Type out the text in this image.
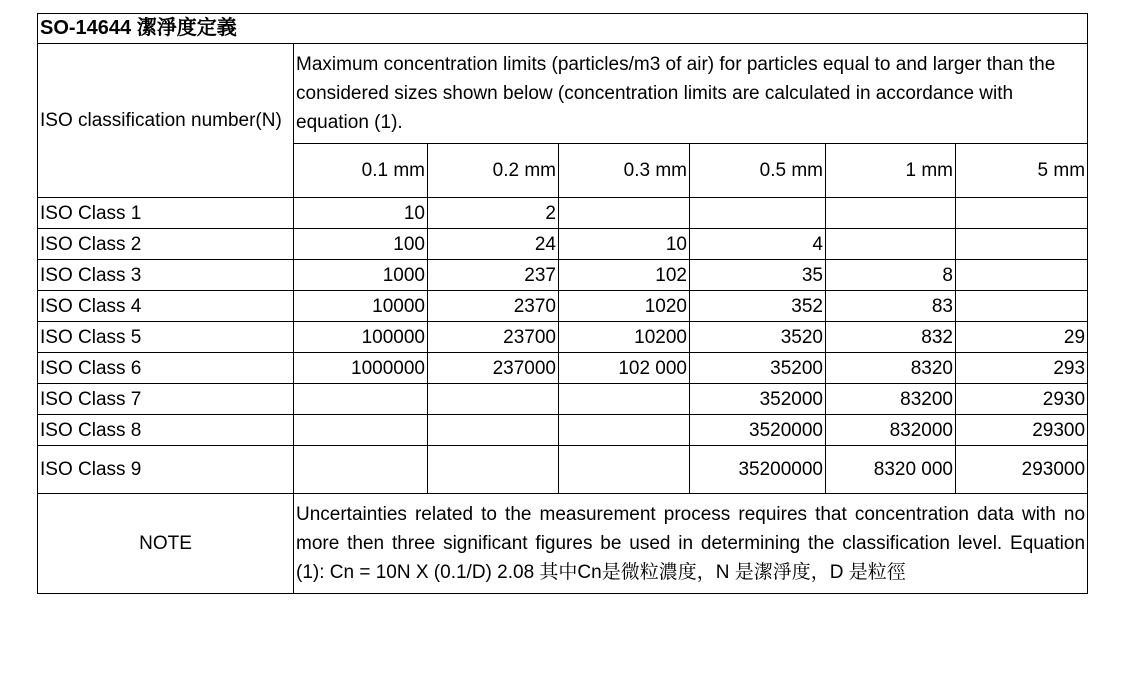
SO-14644 潔淨度定義						
ISO classification number(N)	Maximum concentration limits (particles/m3 of air) for particles equal to and larger than the considered sizes shown below (concentration limits are calculated in accordance with equation (1).					
	0.1 mm	0.2 mm	0.3 mm	0.5 mm	1 mm	5 mm
ISO Class 1	10	2				
ISO Class 2	100	24	10	4		
ISO Class 3	1000	237	102	35	8	
ISO Class 4	10000	2370	1020	352	83	
ISO Class 5	100000	23700	10200	3520	832	29
ISO Class 6	1000000	237000	102 000	35200	8320	293
ISO Class 7				352000	83200	2930
ISO Class 8				3520000	832000	29300
ISO Class 9				35200000	8320 000	293000
NOTE	Uncertainties related to the measurement process requires that concentration data with no more then three significant figures be used in determining the classification level. Equation (1): Cn = 10N X (0.1/D) 2.08 其中Cn是微粒濃度，N 是潔淨度，D 是粒徑					
